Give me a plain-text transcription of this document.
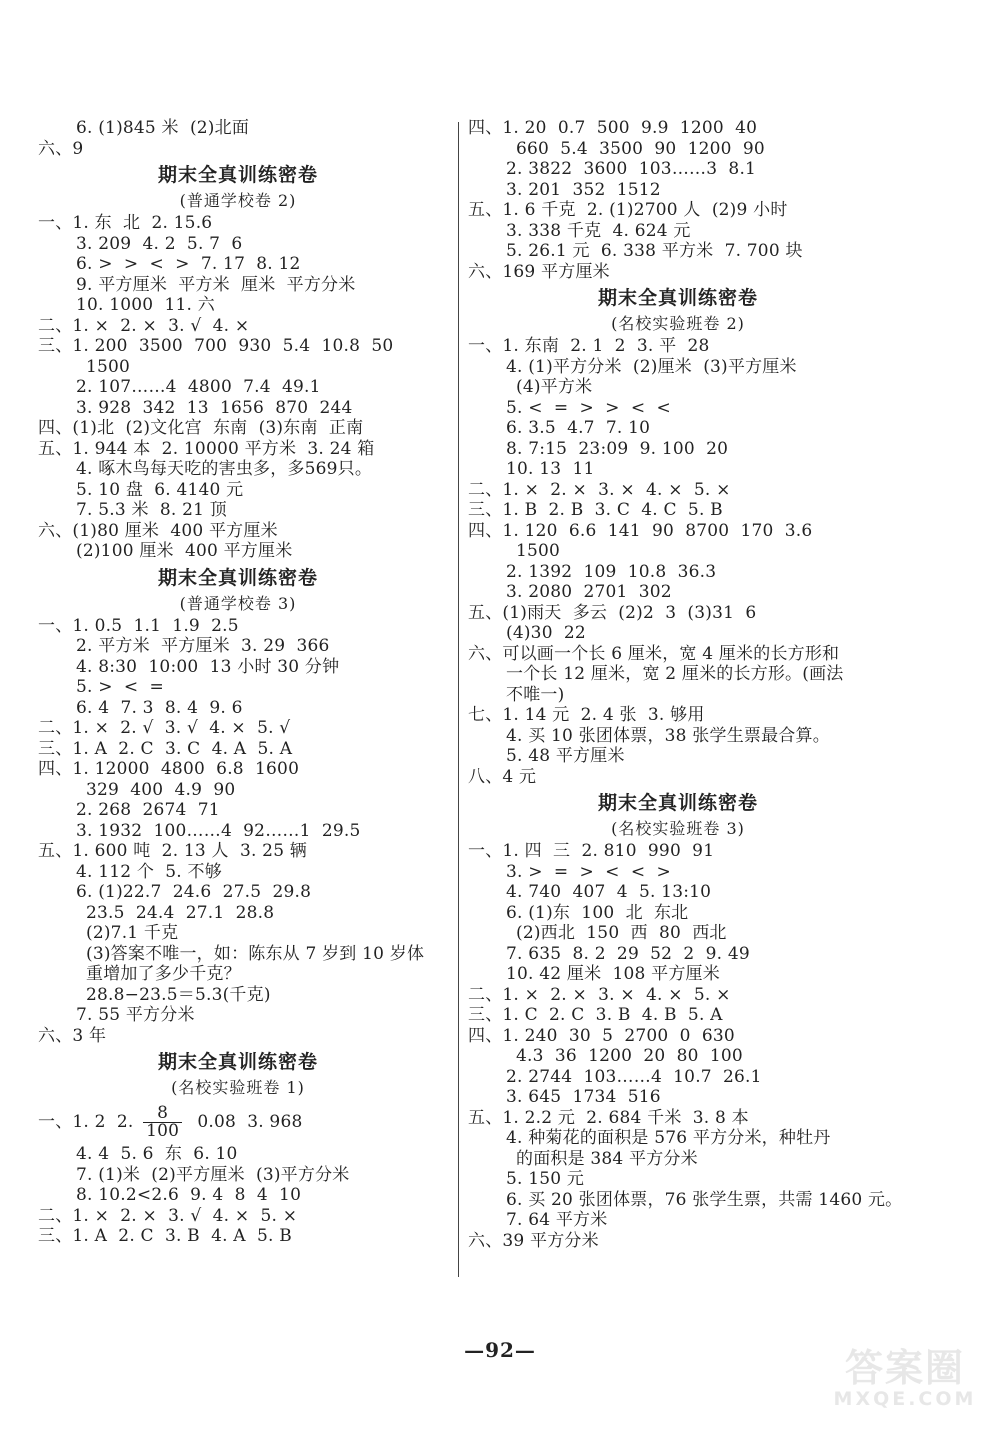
6. (1)845 米  (2)北面
六、9
期末全真训练密卷
(普通学校卷 2)
一、1. 东  北  2. 15.6
3. 209  4. 2  5. 7  6
6. >  >  <  >  7. 17  8. 12
9. 平方厘米  平方米  厘米  平方分米
10. 1000  11. 六
二、1. ×  2. ×  3. √  4. ×
三、1. 200  3500  700  930  5.4  10.8  50
1500
2. 107……4  4800  7.4  49.1
3. 928  342  13  1656  870  244
四、(1)北  (2)文化宫  东南  (3)东南  正南
五、1. 944 本  2. 10000 平方米  3. 24 箱
4. 啄木鸟每天吃的害虫多，多569只。
5. 10 盘  6. 4140 元
7. 5.3 米  8. 21 顶
六、(1)80 厘米  400 平方厘米
(2)100 厘米  400 平方厘米
期末全真训练密卷
(普通学校卷 3)
一、1. 0.5  1.1  1.9  2.5
2. 平方米  平方厘米  3. 29  366
4. 8:30  10:00  13 小时 30 分钟
5. >  <  =
6. 4  7. 3  8. 4  9. 6
二、1. ×  2. √  3. √  4. ×  5. √
三、1. A  2. C  3. C  4. A  5. A
四、1. 12000  4800  6.8  1600
329  400  4.9  90
2. 268  2674  71
3. 1932  100……4  92……1  29.5
五、1. 600 吨  2. 13 人  3. 25 辆
4. 112 个  5. 不够
6. (1)22.7  24.6  27.5  29.8
23.5  24.4  27.1  28.8
(2)7.1 千克
(3)答案不唯一，如：陈东从 7 岁到 10 岁体
重增加了多少千克？
28.8−23.5＝5.3(千克)
7. 55 平方分米
六、3 年
期末全真训练密卷
(名校实验班卷 1)
一、1. 2  2. $\frac{8}{100} 0.08$  3. 968
4. 4  5. 6  东  6. 10
7. (1)米  (2)平方厘米  (3)平方分米
8. 10.2<2.6  9. 4  8  4  10
二、1. ×  2. ×  3. √  4. ×  5. ×
三、1. A  2. C  3. B  4. A  5. B
四、1. 20  0.7  500  9.9  1200  40
660  5.4  3500  90  1200  90
2. 3822  3600  103……3  8.1
3. 201  352  1512
五、1. 6 千克  2. (1)2700 人  (2)9 小时
3. 338 千克  4. 624 元
5. 26.1 元  6. 338 平方米  7. 700 块
六、169 平方厘米
期末全真训练密卷
(名校实验班卷 2)
一、1. 东南  2. 1  2  3. 平  28
4. (1)平方分米  (2)厘米  (3)平方厘米
(4)平方米
5. <  =  >  >  <  <
6. 3.5  4.7  7. 10
8. 7:15  23:09  9. 100  20
10. 13  11
二、1. ×  2. ×  3. ×  4. ×  5. ×
三、1. B  2. B  3. C  4. C  5. B
四、1. 120  6.6  141  90  8700  170  3.6
1500
2. 1392  109  10.8  36.3
3. 2080  2701  302
五、(1)雨天  多云  (2)2  3  (3)31  6
(4)30  22
六、可以画一个长 6 厘米，宽 4 厘米的长方形和
一个长 12 厘米，宽 2 厘米的长方形。(画法
不唯一)
七、1. 14 元  2. 4 张  3. 够用
4. 买 10 张团体票，38 张学生票最合算。
5. 48 平方厘米
八、4 元
期末全真训练密卷
(名校实验班卷 3)
一、1. 四  三  2. 810  990  91
3. >  =  >  <  <  >
4. 740  407  4  5. 13:10
6. (1)东  100  北  东北
(2)西北  150  西  80  西北
7. 635  8. 2  29  52  2  9. 49
10. 42 厘米  108 平方厘米
二、1. ×  2. ×  3. ×  4. ×  5. ×
三、1. C  2. C  3. B  4. B  5. A
四、1. 240  30  5  2700  0  630
4.3  36  1200  20  80  100
2. 2744  103……4  10.7  26.1
3. 645  1734  516
五、1. 2.2 元  2. 684 千米  3. 8 本
4. 种菊花的面积是 576 平方分米，种牡丹
的面积是 384 平方分米
5. 150 元
6. 买 20 张团体票，76 张学生票，共需 1460 元。
7. 64 平方米
六、39 平方分米
—92—	答案圈
MXQE.COM
